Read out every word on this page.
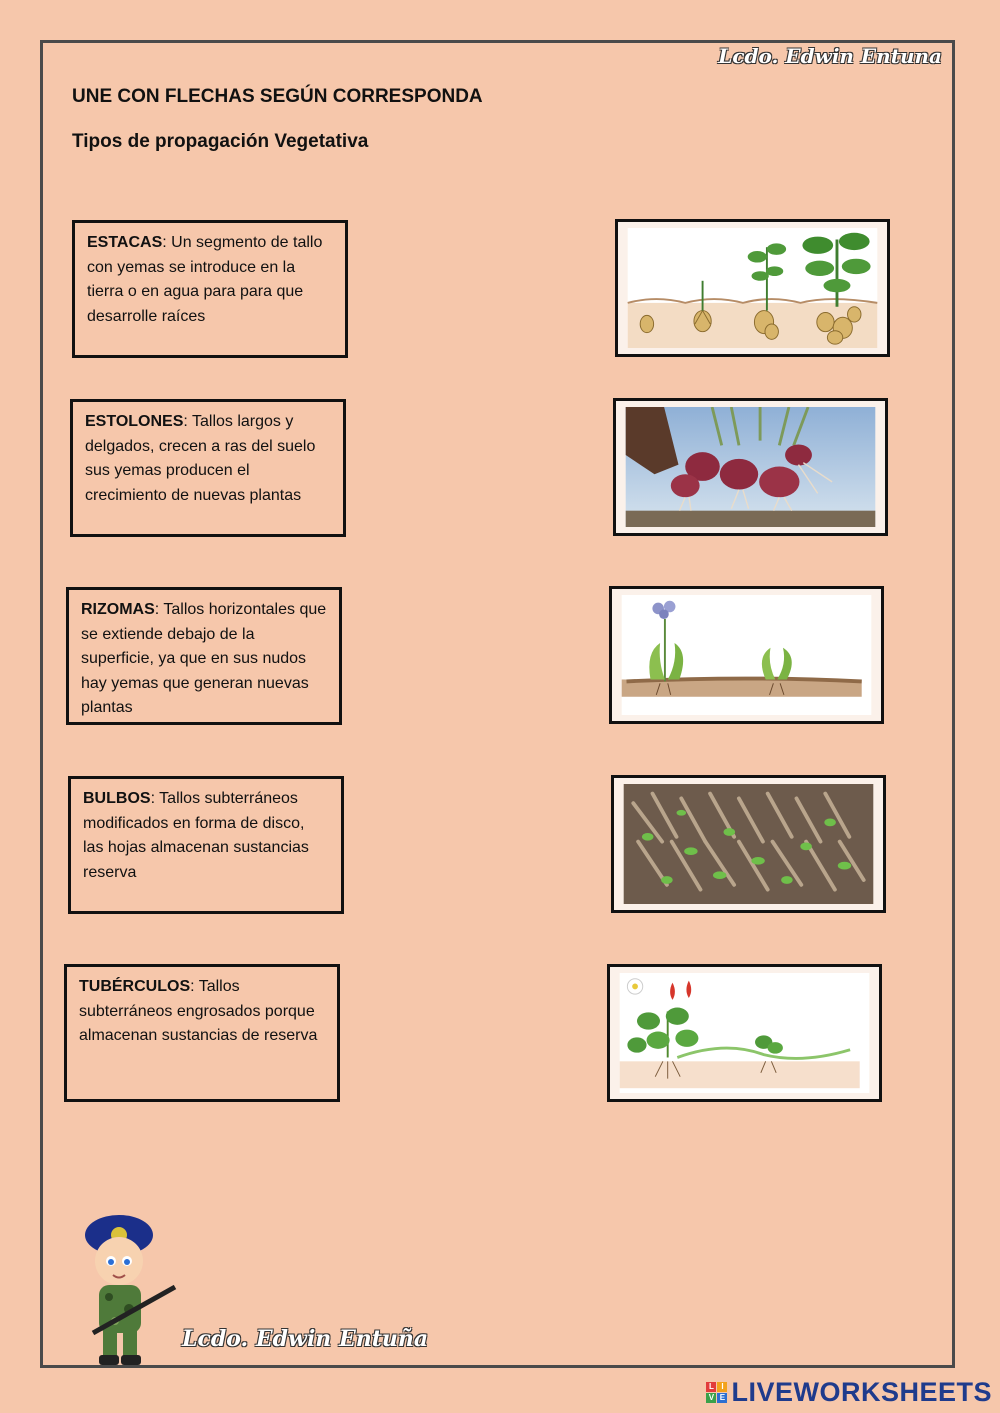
Lcdo. Edwin Entuna
UNE CON FLECHAS SEGÚN CORRESPONDA
Tipos de propagación Vegetativa
ESTACAS: Un segmento de tallo con yemas se introduce en la tierra o en agua para para que desarrolle raíces
ESTOLONES: Tallos largos y delgados, crecen a ras del suelo sus yemas producen el crecimiento de nuevas plantas
RIZOMAS: Tallos horizontales que se extiende debajo de la superficie, ya que en sus nudos hay yemas que generan nuevas plantas
BULBOS: Tallos subterráneos modificados en forma de disco, las hojas almacenan sustancias reserva
TUBÉRCULOS: Tallos subterráneos engrosados porque almacenan sustancias de reserva
Lcdo. Edwin Entuña
L I
V E LIVEWORKSHEETS
